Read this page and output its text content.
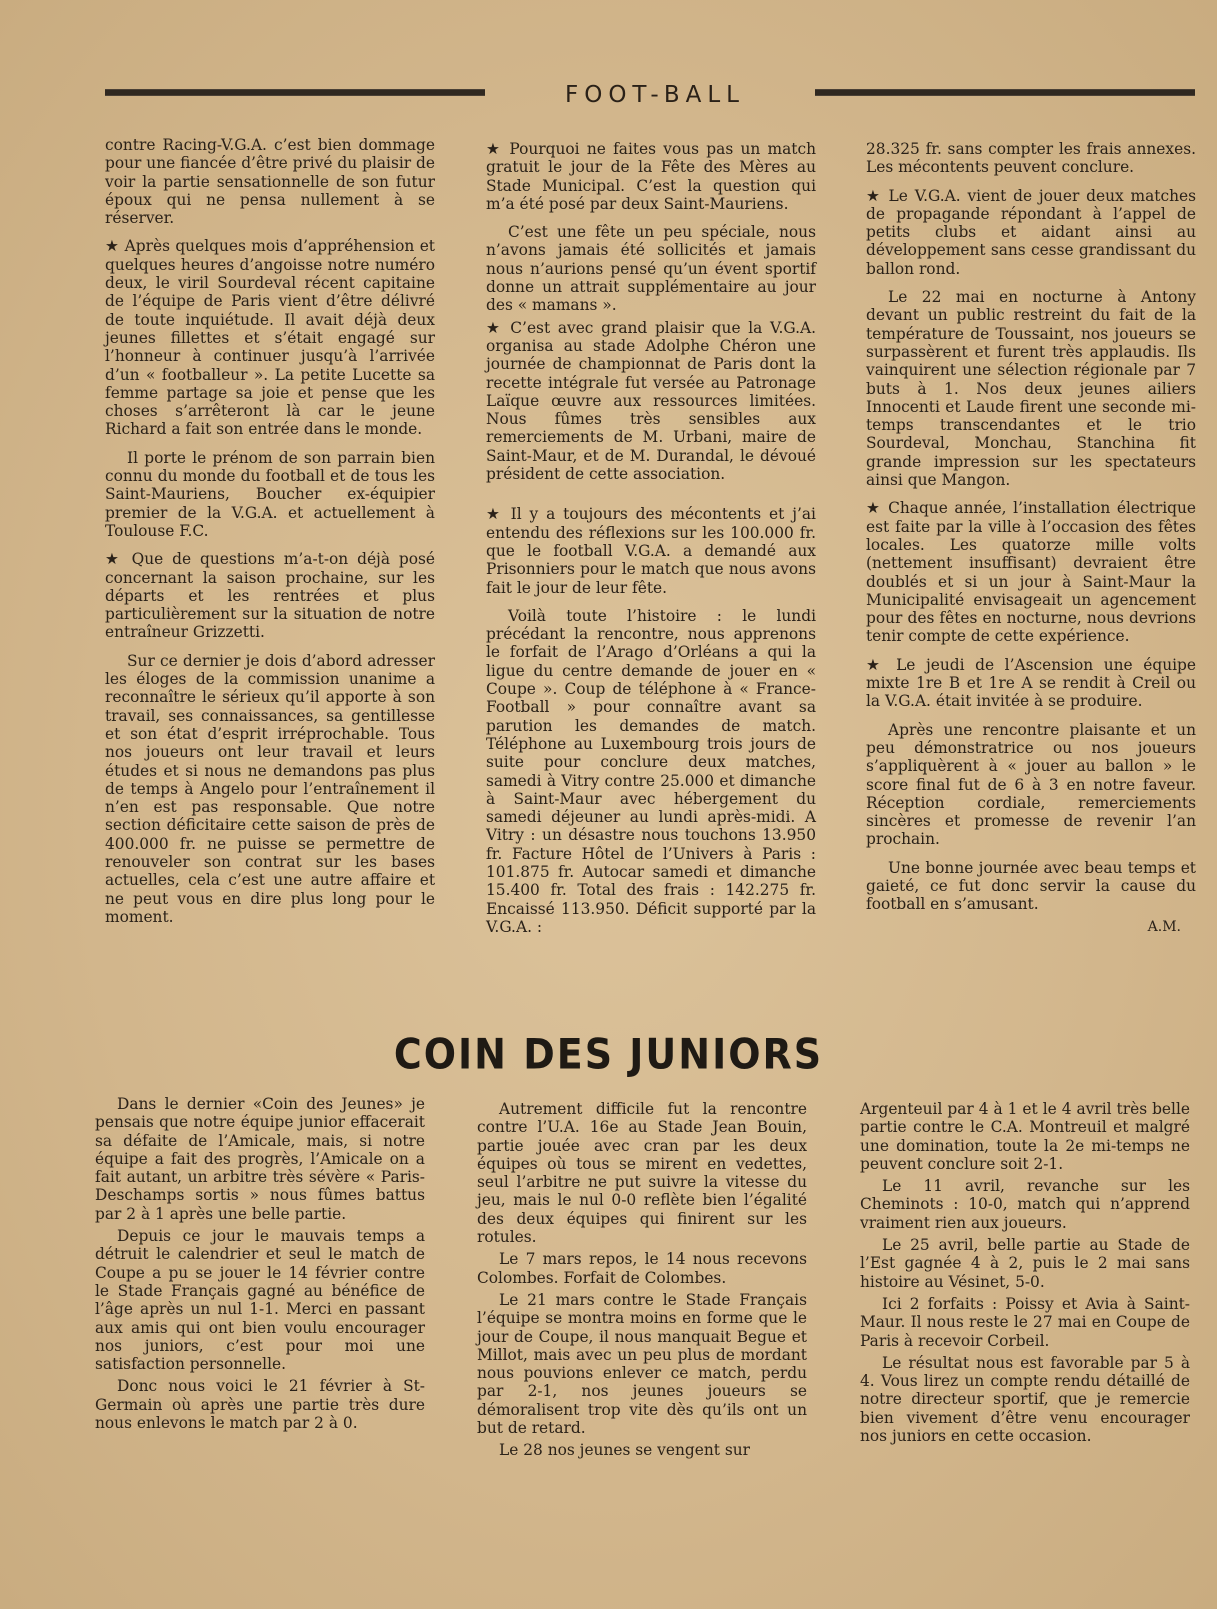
FOOT-BALL

contre Racing-V.G.A. c’est bien dommage pour une fiancée d’être privé du plaisir de voir la partie sensationnelle de son futur époux qui ne pensa nullement à se réserver.

★ Après quelques mois d’appréhension et quelques heures d’angoisse notre numéro deux, le viril Sourdeval récent capitaine de l’équipe de Paris vient d’être délivré de toute inquiétude. Il avait déjà deux jeunes fillettes et s’était engagé sur l’honneur à continuer jusqu’à l’arrivée d’un « footballeur ». La petite Lucette sa femme partage sa joie et pense que les choses s’arrêteront là car le jeune Richard a fait son entrée dans le monde.

Il porte le prénom de son parrain bien connu du monde du football et de tous les Saint-Mauriens, Boucher ex-équipier premier de la V.G.A. et actuellement à Toulouse F.C.

★ Que de questions m’a-t-on déjà posé concernant la saison prochaine, sur les départs et les rentrées et plus particulièrement sur la situation de notre entraîneur Grizzetti.

Sur ce dernier je dois d’abord adresser les éloges de la commission unanime a reconnaître le sérieux qu’il apporte à son travail, ses connaissances, sa gentillesse et son état d’esprit irréprochable. Tous nos joueurs ont leur travail et leurs études et si nous ne demandons pas plus de temps à Angelo pour l’entraînement il n’en est pas responsable. Que notre section déficitaire cette saison de près de 400.000 fr. ne puisse se permettre de renouveler son contrat sur les bases actuelles, cela c’est une autre affaire et ne peut vous en dire plus long pour le moment.

★ Pourquoi ne faites vous pas un match gratuit le jour de la Fête des Mères au Stade Municipal. C’est la question qui m’a été posé par deux Saint-Mauriens.

C’est une fête un peu spéciale, nous n’avons jamais été sollicités et jamais nous n’aurions pensé qu’un évent sportif donne un attrait supplémentaire au jour des « mamans ».

★ C’est avec grand plaisir que la V.G.A. organisa au stade Adolphe Chéron une journée de championnat de Paris dont la recette intégrale fut versée au Patronage Laïque œuvre aux ressources limitées. Nous fûmes très sensibles aux remerciements de M. Urbani, maire de Saint-Maur, et de M. Durandal, le dévoué président de cette association.

★ Il y a toujours des mécontents et j’ai entendu des réflexions sur les 100.000 fr. que le football V.G.A. a demandé aux Prisonniers pour le match que nous avons fait le jour de leur fête.

Voilà toute l’histoire : le lundi précédant la rencontre, nous apprenons le forfait de l’Arago d’Orléans a qui la ligue du centre demande de jouer en « Coupe ». Coup de téléphone à « France-Football » pour connaître avant sa parution les demandes de match. Téléphone au Luxembourg trois jours de suite pour conclure deux matches, samedi à Vitry contre 25.000 et dimanche à Saint-Maur avec hébergement du samedi déjeuner au lundi après-midi. A Vitry : un désastre nous touchons 13.950 fr. Facture Hôtel de l’Univers à Paris : 101.875 fr. Autocar samedi et dimanche 15.400 fr. Total des frais : 142.275 fr. Encaissé 113.950. Déficit supporté par la V.G.A. :

28.325 fr. sans compter les frais annexes. Les mécontents peuvent conclure.

★ Le V.G.A. vient de jouer deux matches de propagande répondant à l’appel de petits clubs et aidant ainsi au développement sans cesse grandissant du ballon rond.

Le 22 mai en nocturne à Antony devant un public restreint du fait de la température de Toussaint, nos joueurs se surpassèrent et furent très applaudis. Ils vainquirent une sélection régionale par 7 buts à 1. Nos deux jeunes ailiers Innocenti et Laude firent une seconde mi-temps transcendantes et le trio Sourdeval, Monchau, Stanchina fit grande impression sur les spectateurs ainsi que Mangon.

★ Chaque année, l’installation électrique est faite par la ville à l’occasion des fêtes locales. Les quatorze mille volts (nettement insuffisant) devraient être doublés et si un jour à Saint-Maur la Municipalité envisageait un agencement pour des fêtes en nocturne, nous devrions tenir compte de cette expérience.

★ Le jeudi de l’Ascension une équipe mixte 1re B et 1re A se rendit à Creil ou la V.G.A. était invitée à se produire.

Après une rencontre plaisante et un peu démonstratrice ou nos joueurs s’appliquèrent à « jouer au ballon » le score final fut de 6 à 3 en notre faveur. Réception cordiale, remerciements sincères et promesse de revenir l’an prochain.

Une bonne journée avec beau temps et gaieté, ce fut donc servir la cause du football en s’amusant.

A.M.
COIN DES JUNIORS

Dans le dernier «Coin des Jeunes» je pensais que notre équipe junior effacerait sa défaite de l’Amicale, mais, si notre équipe a fait des progrès, l’Amicale on a fait autant, un arbitre très sévère « Paris-Deschamps sortis » nous fûmes battus par 2 à 1 après une belle partie.

Depuis ce jour le mauvais temps a détruit le calendrier et seul le match de Coupe a pu se jouer le 14 février contre le Stade Français gagné au bénéfice de l’âge après un nul 1-1. Merci en passant aux amis qui ont bien voulu encourager nos juniors, c’est pour moi une satisfaction personnelle.

Donc nous voici le 21 février à St-Germain où après une partie très dure nous enlevons le match par 2 à 0.

Autrement difficile fut la rencontre contre l’U.A. 16e au Stade Jean Bouin, partie jouée avec cran par les deux équipes où tous se mirent en vedettes, seul l’arbitre ne put suivre la vitesse du jeu, mais le nul 0-0 reflète bien l’égalité des deux équipes qui finirent sur les rotules.

Le 7 mars repos, le 14 nous recevons Colombes. Forfait de Colombes.

Le 21 mars contre le Stade Français l’équipe se montra moins en forme que le jour de Coupe, il nous manquait Begue et Millot, mais avec un peu plus de mordant nous pouvions enlever ce match, perdu par 2-1, nos jeunes joueurs se démoralisent trop vite dès qu’ils ont un but de retard.

Le 28 nos jeunes se vengent sur

Argenteuil par 4 à 1 et le 4 avril très belle partie contre le C.A. Montreuil et malgré une domination, toute la 2e mi-temps ne peuvent conclure soit 2-1.

Le 11 avril, revanche sur les Cheminots : 10-0, match qui n’apprend vraiment rien aux joueurs.

Le 25 avril, belle partie au Stade de l’Est gagnée 4 à 2, puis le 2 mai sans histoire au Vésinet, 5-0.

Ici 2 forfaits : Poissy et Avia à Saint-Maur. Il nous reste le 27 mai en Coupe de Paris à recevoir Corbeil.

Le résultat nous est favorable par 5 à 4. Vous lirez un compte rendu détaillé de notre directeur sportif, que je remercie bien vivement d’être venu encourager nos juniors en cette occasion.
